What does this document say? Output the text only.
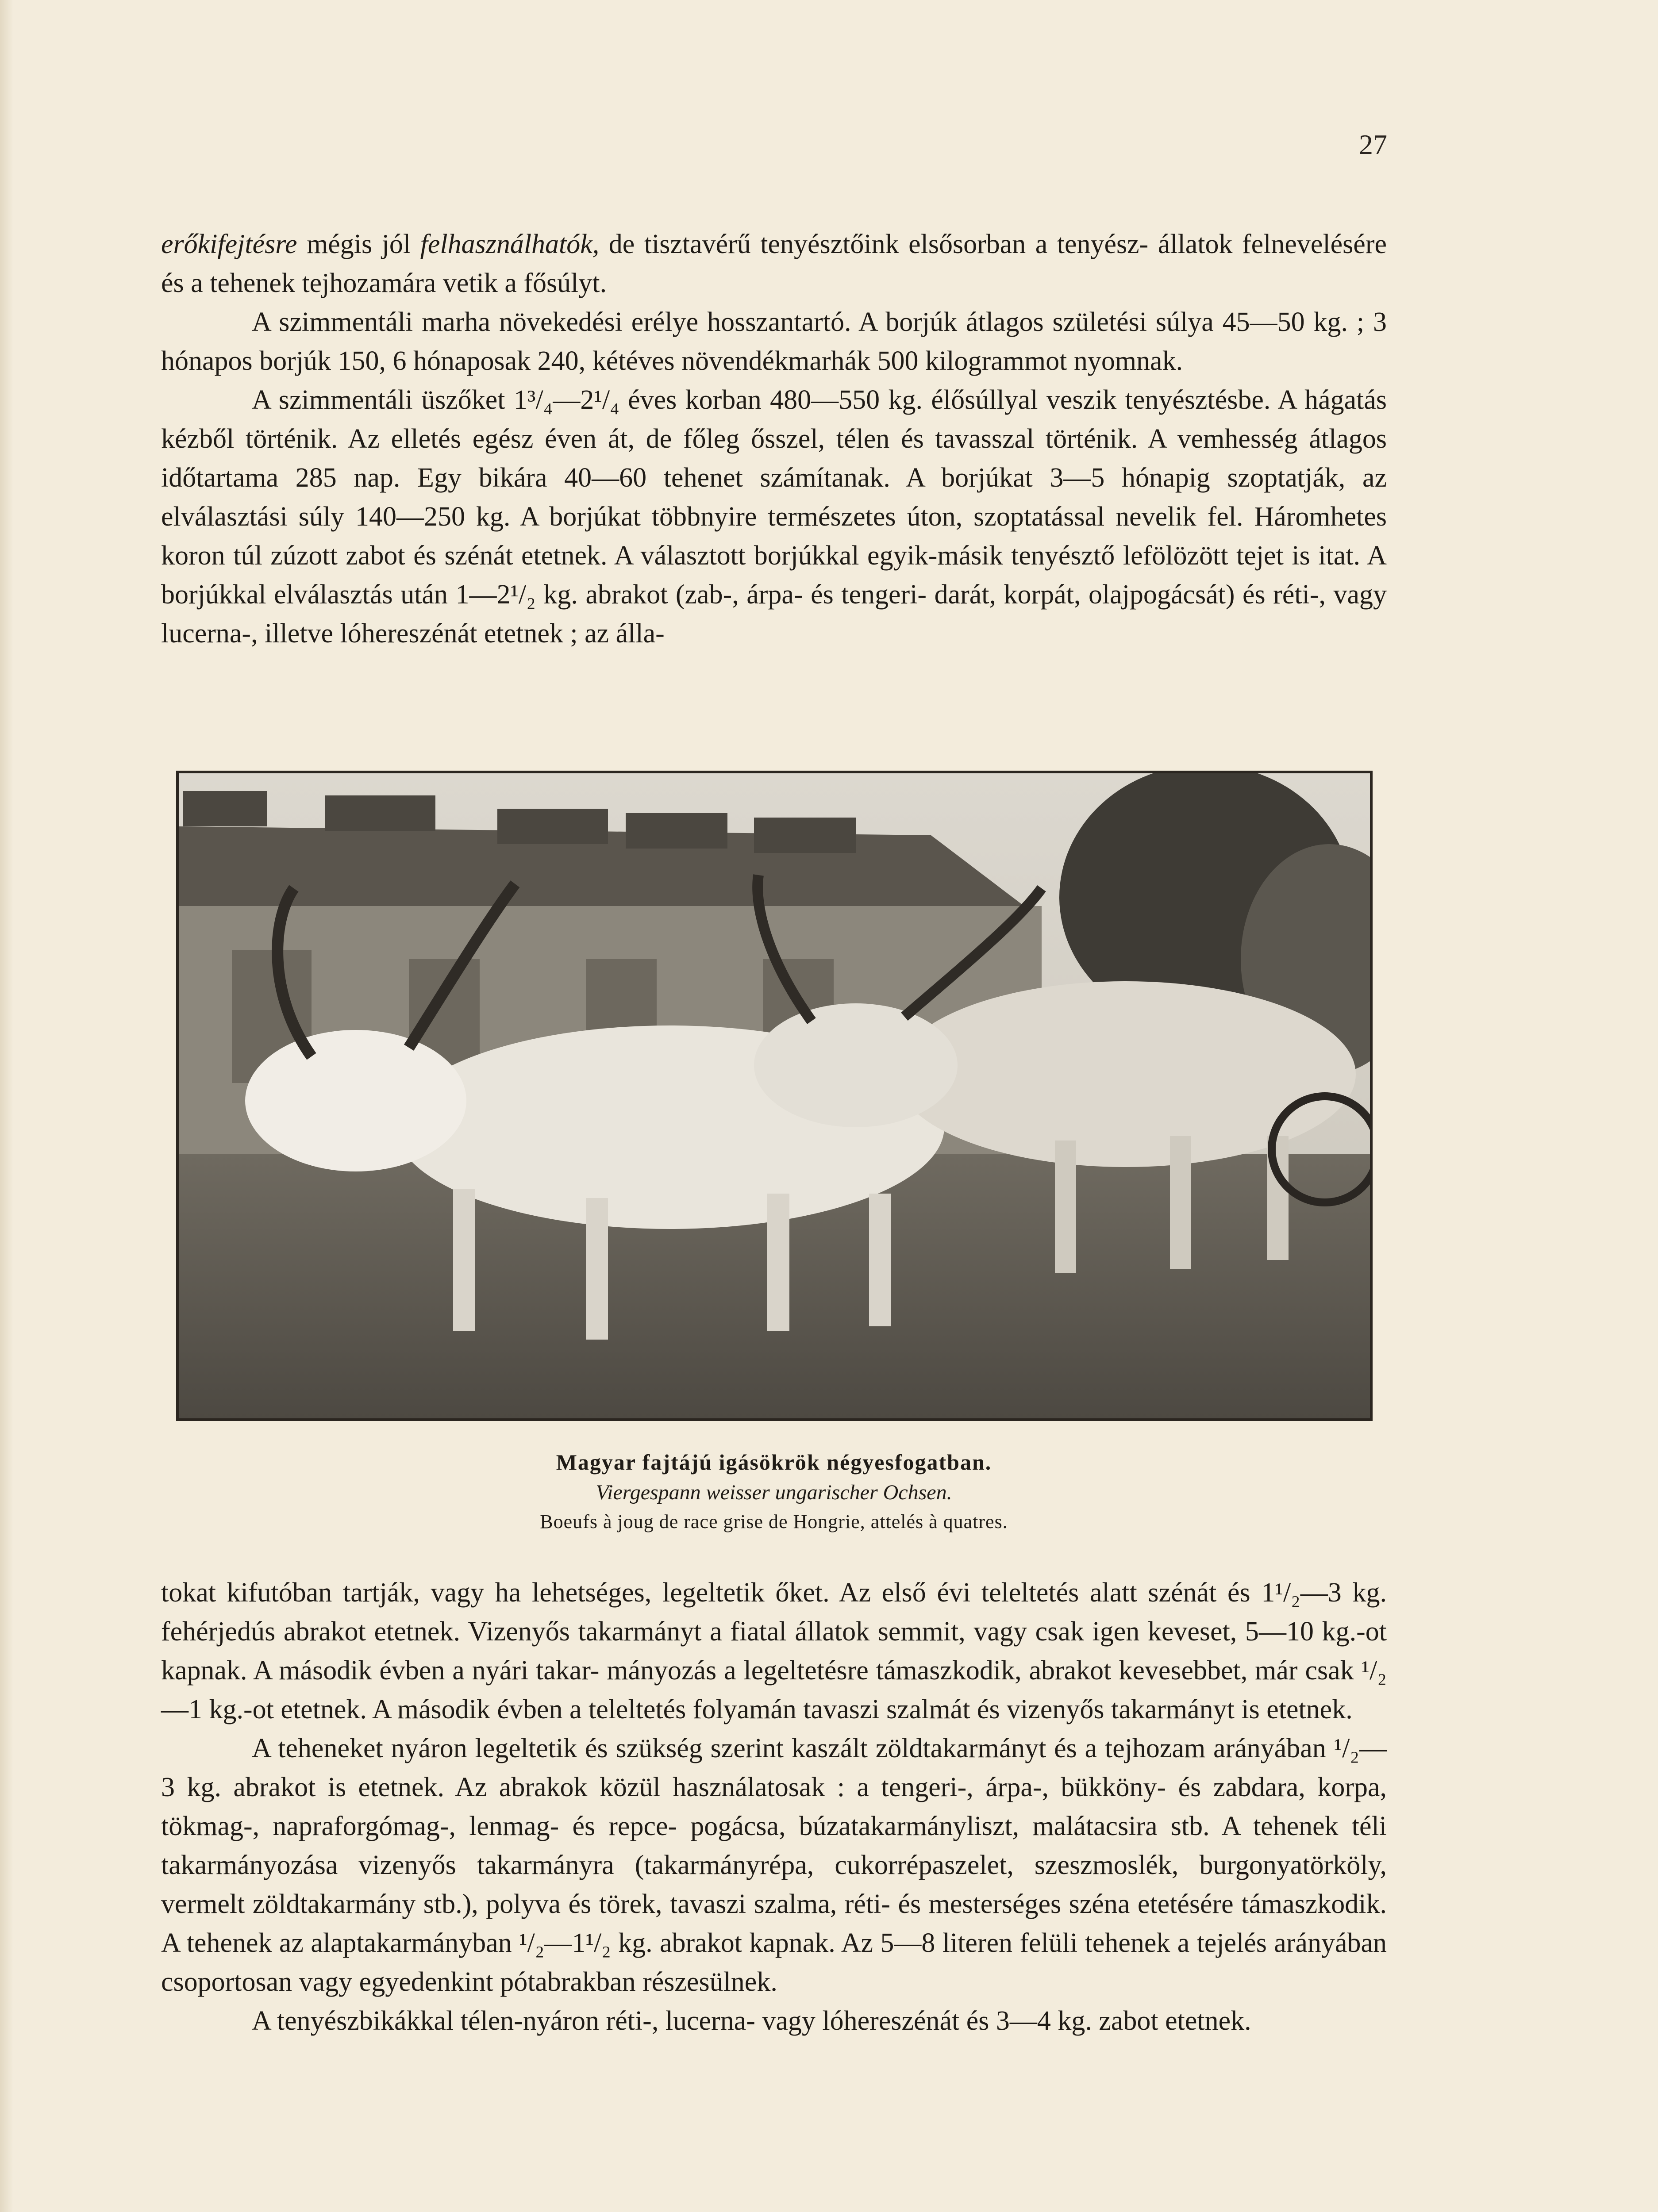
27

erőkifejtésre mégis jól felhasználhatók, de tisztavérű tenyésztőink elsősorban a tenyész- állatok felnevelésére és a tehenek tejhozamára vetik a fősúlyt.

A szimmentáli marha növekedési erélye hosszantartó. A borjúk átlagos születési súlya 45—50 kg. ; 3 hónapos borjúk 150, 6 hónaposak 240, kétéves növendékmarhák 500 kilogrammot nyomnak.

A szimmentáli üszőket 1³/₄—2¹/₄ éves korban 480—550 kg. élősúllyal veszik tenyésztésbe. A hágatás kézből történik. Az elletés egész éven át, de főleg ősszel, télen és tavasszal történik. A vemhesség átlagos időtartama 285 nap. Egy bikára 40—60 tehenet számítanak. A borjúkat 3—5 hónapig szoptatják, az elválasztási súly 140—250 kg. A borjúkat többnyire természetes úton, szoptatással nevelik fel. Háromhetes koron túl zúzott zabot és szénát etetnek. A választott borjúkkal egyik-másik tenyésztő lefölözött tejet is itat. A borjúkkal elválasztás után 1—2¹/₂ kg. abrakot (zab-, árpa- és tengeri- darát, korpát, olajpogácsát) és réti-, vagy lucerna-, illetve lóhereszénát etetnek ; az álla-

Magyar fajtájú igásökrök négyesfogatban.
Viergespann weisser ungarischer Ochsen.
Boeufs à joug de race grise de Hongrie, attelés à quatres.

tokat kifutóban tartják, vagy ha lehetséges, legeltetik őket. Az első évi teleltetés alatt szénát és 1¹/₂—3 kg. fehérjedús abrakot etetnek. Vizenyős takarmányt a fiatal állatok semmit, vagy csak igen keveset, 5—10 kg.-ot kapnak. A második évben a nyári takar- mányozás a legeltetésre támaszkodik, abrakot kevesebbet, már csak ¹/₂—1 kg.-ot etetnek. A második évben a teleltetés folyamán tavaszi szalmát és vizenyős takarmányt is etetnek.

A teheneket nyáron legeltetik és szükség szerint kaszált zöldtakarmányt és a tejhozam arányában ¹/₂—3 kg. abrakot is etetnek. Az abrakok közül használatosak : a tengeri-, árpa-, bükköny- és zabdara, korpa, tökmag-, napraforgómag-, lenmag- és repce- pogácsa, búzatakarmányliszt, malátacsira stb. A tehenek téli takarmányozása vizenyős takarmányra (takarmányrépa, cukorrépaszelet, szeszmoslék, burgonyatörköly, vermelt zöldtakarmány stb.), polyva és törek, tavaszi szalma, réti- és mesterséges széna etetésére támaszkodik. A tehenek az alaptakarmányban ¹/₂—1¹/₂ kg. abrakot kapnak. Az 5—8 literen felüli tehenek a tejelés arányában csoportosan vagy egyedenkint pótabrakban részesülnek.

A tenyészbikákkal télen-nyáron réti-, lucerna- vagy lóhereszénát és 3—4 kg. zabot etetnek.
